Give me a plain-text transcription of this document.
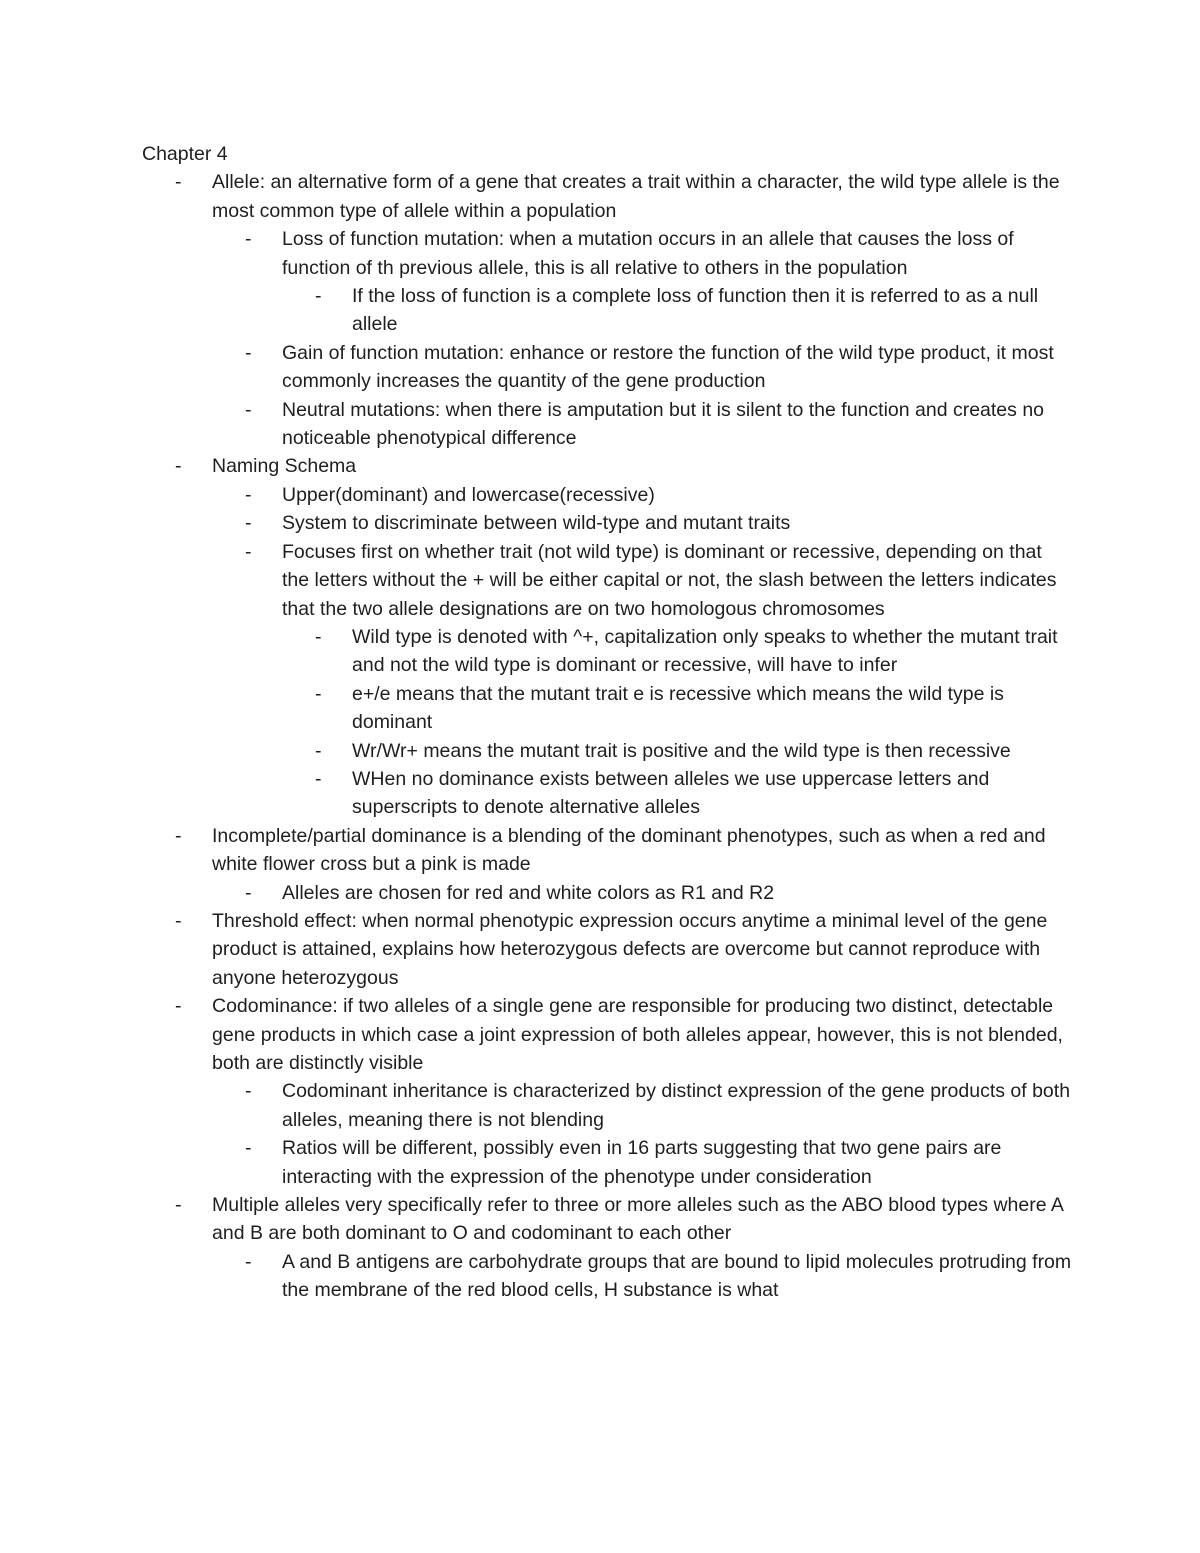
Chapter 4

- Allele: an alternative form of a gene that creates a trait within a character, the wild type allele is the most common type of allele within a population
- Loss of function mutation: when a mutation occurs in an allele that causes the loss of function of th previous allele, this is all relative to others in the population
- If the loss of function is a complete loss of function then it is referred to as a null allele
- Gain of function mutation: enhance or restore the function of the wild type product, it most commonly increases the quantity of the gene production
- Neutral mutations: when there is amputation but it is silent to the function and creates no noticeable phenotypical difference
- Naming Schema
- Upper(dominant) and lowercase(recessive)
- System to discriminate between wild-type and mutant traits
- Focuses first on whether trait (not wild type) is dominant or recessive, depending on that the letters without the + will be either capital or not, the slash between the letters indicates that the two allele designations are on two homologous chromosomes
- Wild type is denoted with ^+, capitalization only speaks to whether the mutant trait and not the wild type is dominant or recessive, will have to infer
- e+/e means that the mutant trait e is recessive which means the wild type is dominant
- Wr/Wr+ means the mutant trait is positive and the wild type is then recessive
- WHen no dominance exists between alleles we use uppercase letters and superscripts to denote alternative alleles
- Incomplete/partial dominance is a blending of the dominant phenotypes, such as when a red and white flower cross but a pink is made
- Alleles are chosen for red and white colors as R1 and R2
- Threshold effect: when normal phenotypic expression occurs anytime a minimal level of the gene product is attained, explains how heterozygous defects are overcome but cannot reproduce with anyone heterozygous
- Codominance: if two alleles of a single gene are responsible for producing two distinct, detectable gene products in which case a joint expression of both alleles appear, however, this is not blended, both are distinctly visible
- Codominant inheritance is characterized by distinct expression of the gene products of both alleles, meaning there is not blending
- Ratios will be different, possibly even in 16 parts suggesting that two gene pairs are interacting with the expression of the phenotype under consideration
- Multiple alleles very specifically refer to three or more alleles such as the ABO blood types where A and B are both dominant to O and codominant to each other
- A and B antigens are carbohydrate groups that are bound to lipid molecules protruding from the membrane of the red blood cells, H substance is what
